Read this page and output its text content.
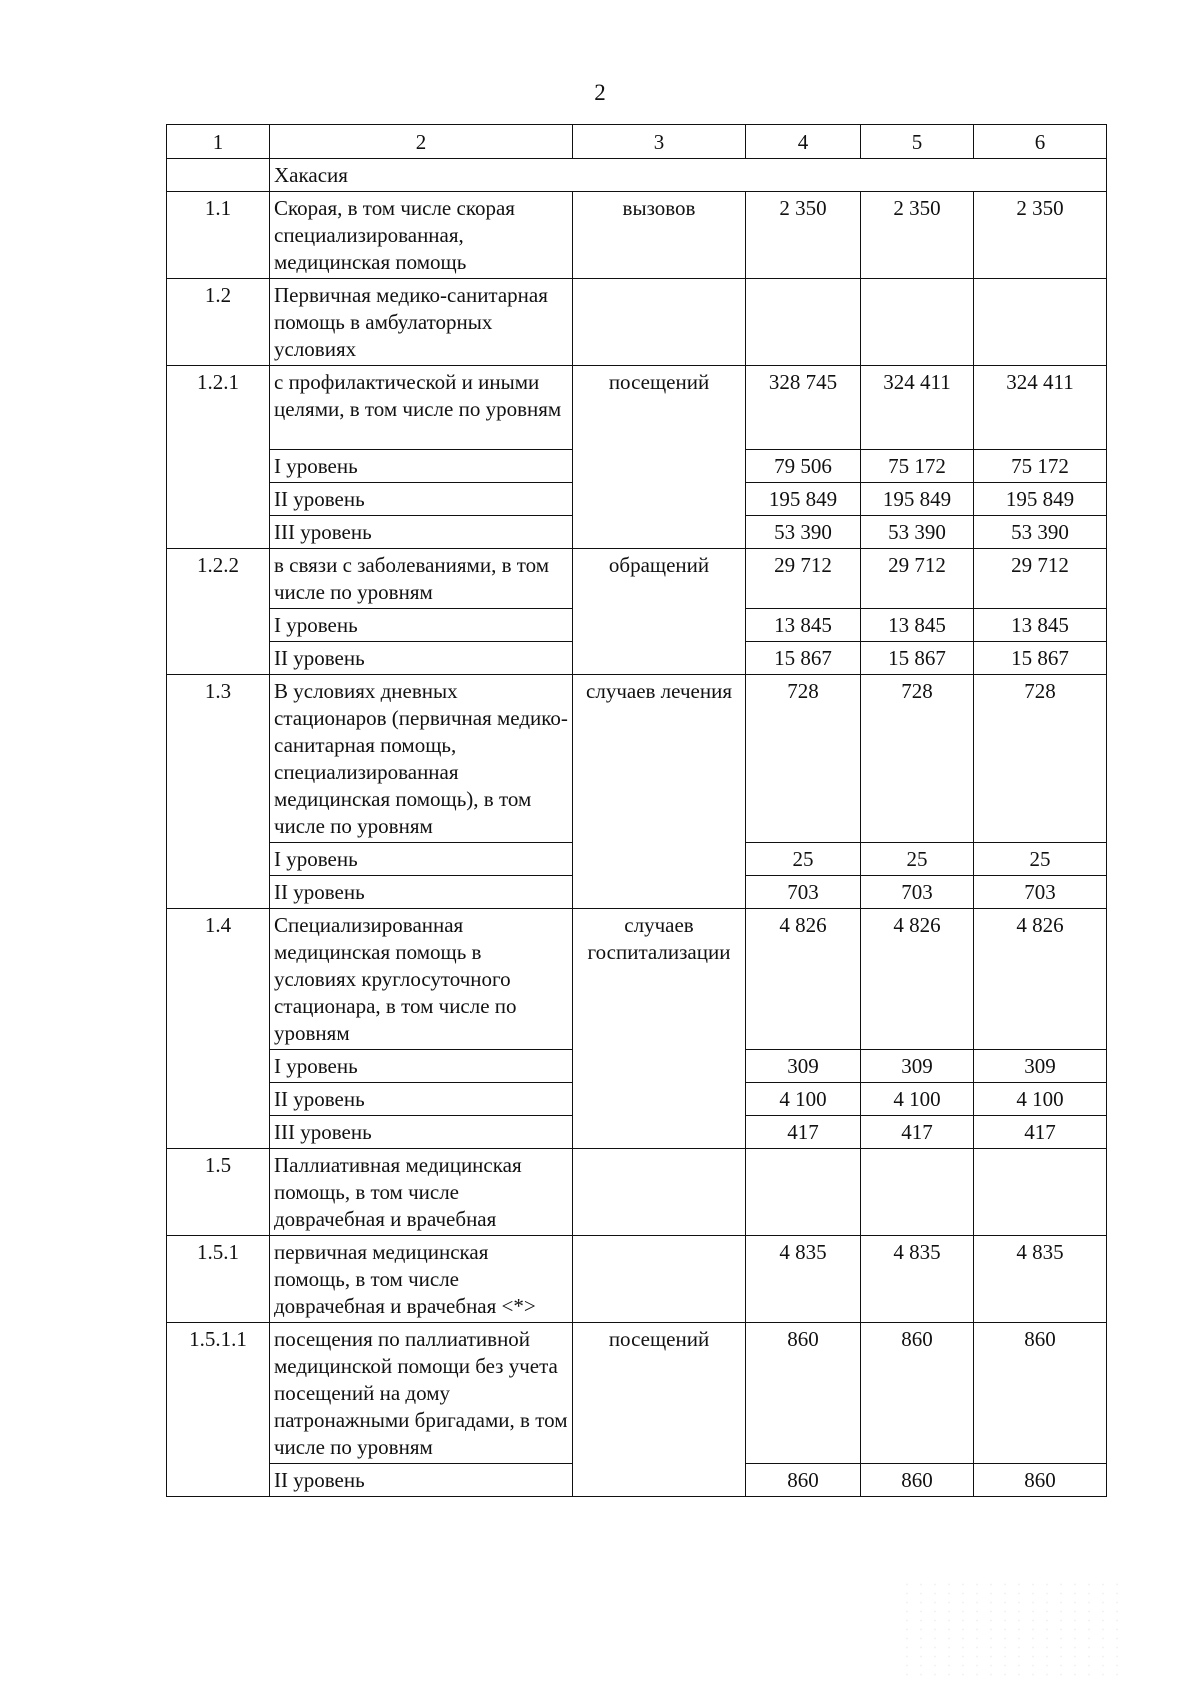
2
1	2	3	4	5	6
	Хакасия				
1.1	Скорая, в том числе скорая специализированная, медицинская помощь	вызовов	2 350	2 350	2 350
1.2	Первичная медико-санитарная помощь в амбулаторных условиях				
1.2.1	с профилактической и иными целями, в том числе по уровням	посещений	328 745	324 411	324 411
	I уровень		79 506	75 172	75 172
	II уровень		195 849	195 849	195 849
	III уровень		53 390	53 390	53 390
1.2.2	в связи с заболеваниями, в том числе по уровням	обращений	29 712	29 712	29 712
	I уровень		13 845	13 845	13 845
	II уровень		15 867	15 867	15 867
1.3	В условиях дневных стационаров (первичная медико-санитарная помощь, специализированная медицинская помощь), в том числе по уровням	случаев лечения	728	728	728
	I уровень		25	25	25
	II уровень		703	703	703
1.4	Специализированная медицинская помощь в условиях круглосуточного стационара, в том числе по уровням	случаев госпитализации	4 826	4 826	4 826
	I уровень		309	309	309
	II уровень		4 100	4 100	4 100
	III уровень		417	417	417
1.5	Паллиативная медицинская помощь, в том числе доврачебная и врачебная				
1.5.1	первичная медицинская помощь, в том числе доврачебная и врачебная <*>		4 835	4 835	4 835
1.5.1.1	посещения по паллиативной медицинской помощи без учета посещений на дому патронажными бригадами, в том числе по уровням	посещений	860	860	860
	II уровень		860	860	860
